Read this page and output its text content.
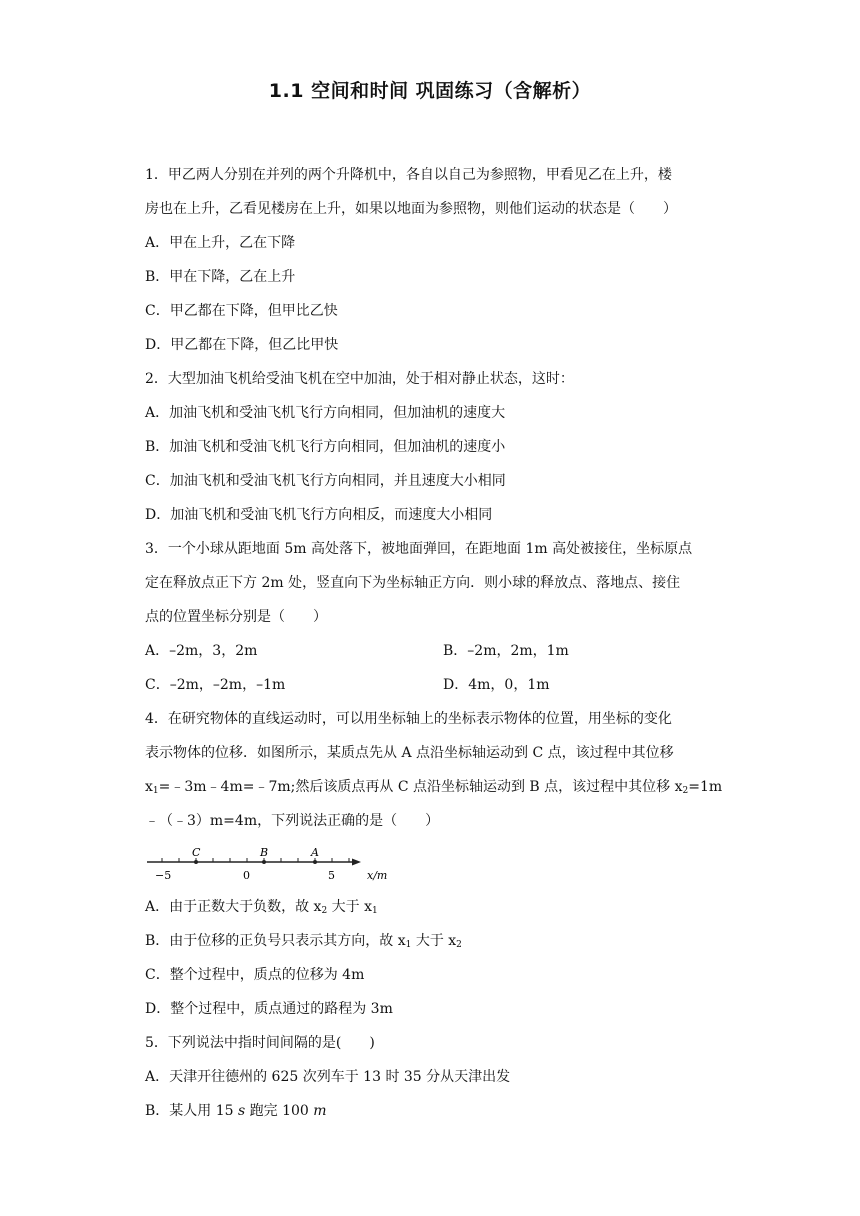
1.1 空间和时间 巩固练习（含解析）
1．甲乙两人分别在并列的两个升降机中，各自以自己为参照物，甲看见乙在上升，楼
房也在上升，乙看见楼房在上升，如果以地面为参照物，则他们运动的状态是（　　）
A．甲在上升，乙在下降
B．甲在下降，乙在上升
C．甲乙都在下降，但甲比乙快
D．甲乙都在下降，但乙比甲快
2．大型加油飞机给受油飞机在空中加油，处于相对静止状态，这时：
A．加油飞机和受油飞机飞行方向相同，但加油机的速度大
B．加油飞机和受油飞机飞行方向相同，但加油机的速度小
C．加油飞机和受油飞机飞行方向相同，并且速度大小相同
D．加油飞机和受油飞机飞行方向相反，而速度大小相同
3．一个小球从距地面 5m 高处落下，被地面弹回，在距地面 1m 高处被接住，坐标原点
定在释放点正下方 2m 处，竖直向下为坐标轴正方向．则小球的释放点、落地点、接住
点的位置坐标分别是（　　）
A．–2m，3，2m	B．–2m，2m，1m
C．–2m，–2m，–1m	D．4m，0，1m
4．在研究物体的直线运动时，可以用坐标轴上的坐标表示物体的位置，用坐标的变化
表示物体的位移．如图所示，某质点先从 A 点沿坐标轴运动到 C 点，该过程中其位移
$x_1=﹣3m﹣4m=﹣7m$;然后该质点再从 C 点沿坐标轴运动到 B 点，该过程中其位移 $x_2=1m$
﹣（﹣3）m=4m，下列说法正确的是（　　）
C	B	A
−5	0	5	x/m
A．由于正数大于负数，故 $x_2$ 大于 $x_1$
B．由于位移的正负号只表示其方向，故 $x_1$ 大于 $x_2$
C．整个过程中，质点的位移为 4m
D．整个过程中，质点通过的路程为 3m
5．下列说法中指时间间隔的是(　　)
A．天津开往德州的 625 次列车于 13 时 35 分从天津出发
B．某人用 15 s 跑完 100 m
